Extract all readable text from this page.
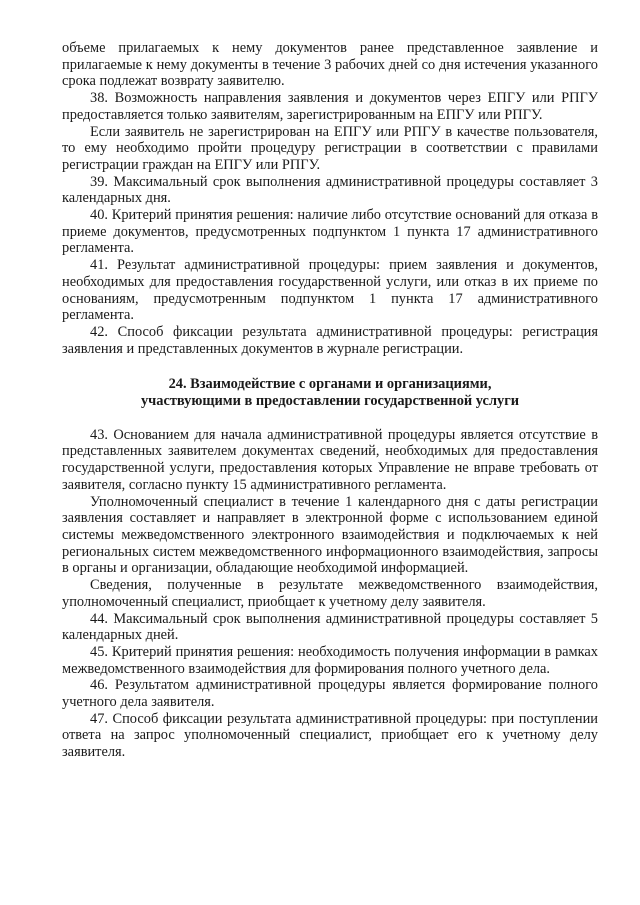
объеме прилагаемых к нему документов ранее представленное заявление и прилагаемые к нему документы в течение 3 рабочих дней со дня истечения указанного срока подлежат возврату заявителю.

38. Возможность направления заявления и документов через ЕПГУ или РПГУ предоставляется только заявителям, зарегистрированным на ЕПГУ или РПГУ.

Если заявитель не зарегистрирован на ЕПГУ или РПГУ в качестве пользователя, то ему необходимо пройти процедуру регистрации в соответствии с правилами регистрации граждан на ЕПГУ или РПГУ.

39. Максимальный срок выполнения административной процедуры составляет 3 календарных дня.

40. Критерий принятия решения: наличие либо отсутствие оснований для отказа в приеме документов, предусмотренных подпунктом 1 пункта 17 административного регламента.

41. Результат административной процедуры: прием заявления и документов, необходимых для предоставления государственной услуги, или отказ в их приеме по основаниям, предусмотренным подпунктом 1 пункта 17 административного регламента.

42. Способ фиксации результата административной процедуры: регистрация заявления и представленных документов в журнале регистрации.

24. Взаимодействие с органами и организациями,
участвующими в предоставлении государственной услуги

43. Основанием для начала административной процедуры является отсутствие в представленных заявителем документах сведений, необходимых для предоставления государственной услуги, предоставления которых Управление не вправе требовать от заявителя, согласно пункту 15 административного регламента.

Уполномоченный специалист в течение 1 календарного дня с даты регистрации заявления составляет и направляет в электронной форме с использованием единой системы межведомственного электронного взаимодействия и подключаемых к ней региональных систем межведомственного информационного взаимодействия, запросы в органы и организации, обладающие необходимой информацией.

Сведения, полученные в результате межведомственного взаимодействия, уполномоченный специалист, приобщает к учетному делу заявителя.

44. Максимальный срок выполнения административной процедуры составляет 5 календарных дней.

45. Критерий принятия решения: необходимость получения информации в рамках межведомственного взаимодействия для формирования полного учетного дела.

46. Результатом административной процедуры является формирование полного учетного дела заявителя.

47. Способ фиксации результата административной процедуры: при поступлении ответа на запрос уполномоченный специалист, приобщает его к учетному делу заявителя.
